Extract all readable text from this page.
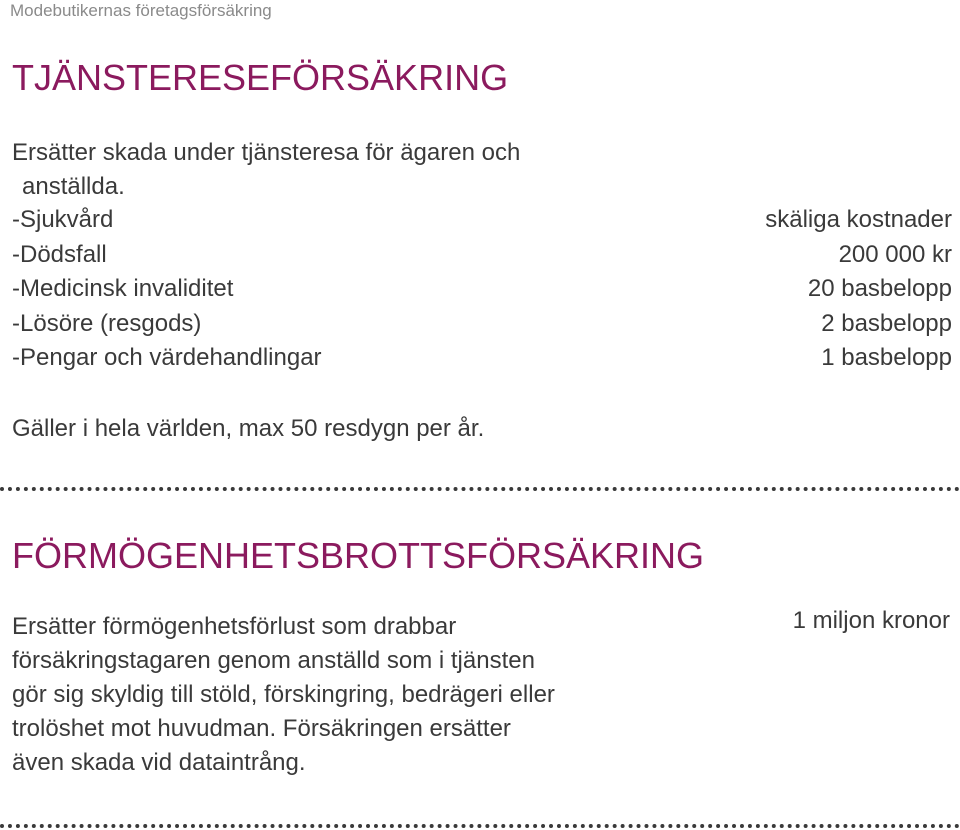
Modebutikernas företagsförsäkring
TJÄNSTERESEFÖRSÄKRING

Ersätter skada under tjänsteresa för ägaren och
anställda.

-Sjukvård	skäliga kostnader
-Dödsfall	200 000 kr
-Medicinsk invaliditet	20 basbelopp
-Lösöre (resgods)	2 basbelopp
-Pengar och värdehandlingar	1 basbelopp

Gäller i hela världen, max 50 resdygn per år.

FÖRMÖGENHETSBROTTSFÖRSÄKRING

Ersätter förmögenhetsförlust som drabbar
försäkringstagaren genom anställd som i tjänsten
gör sig skyldig till stöld, förskingring, bedrägeri eller
trolöshet mot huvudman. Försäkringen ersätter
även skada vid dataintrång.

1 miljon kronor
